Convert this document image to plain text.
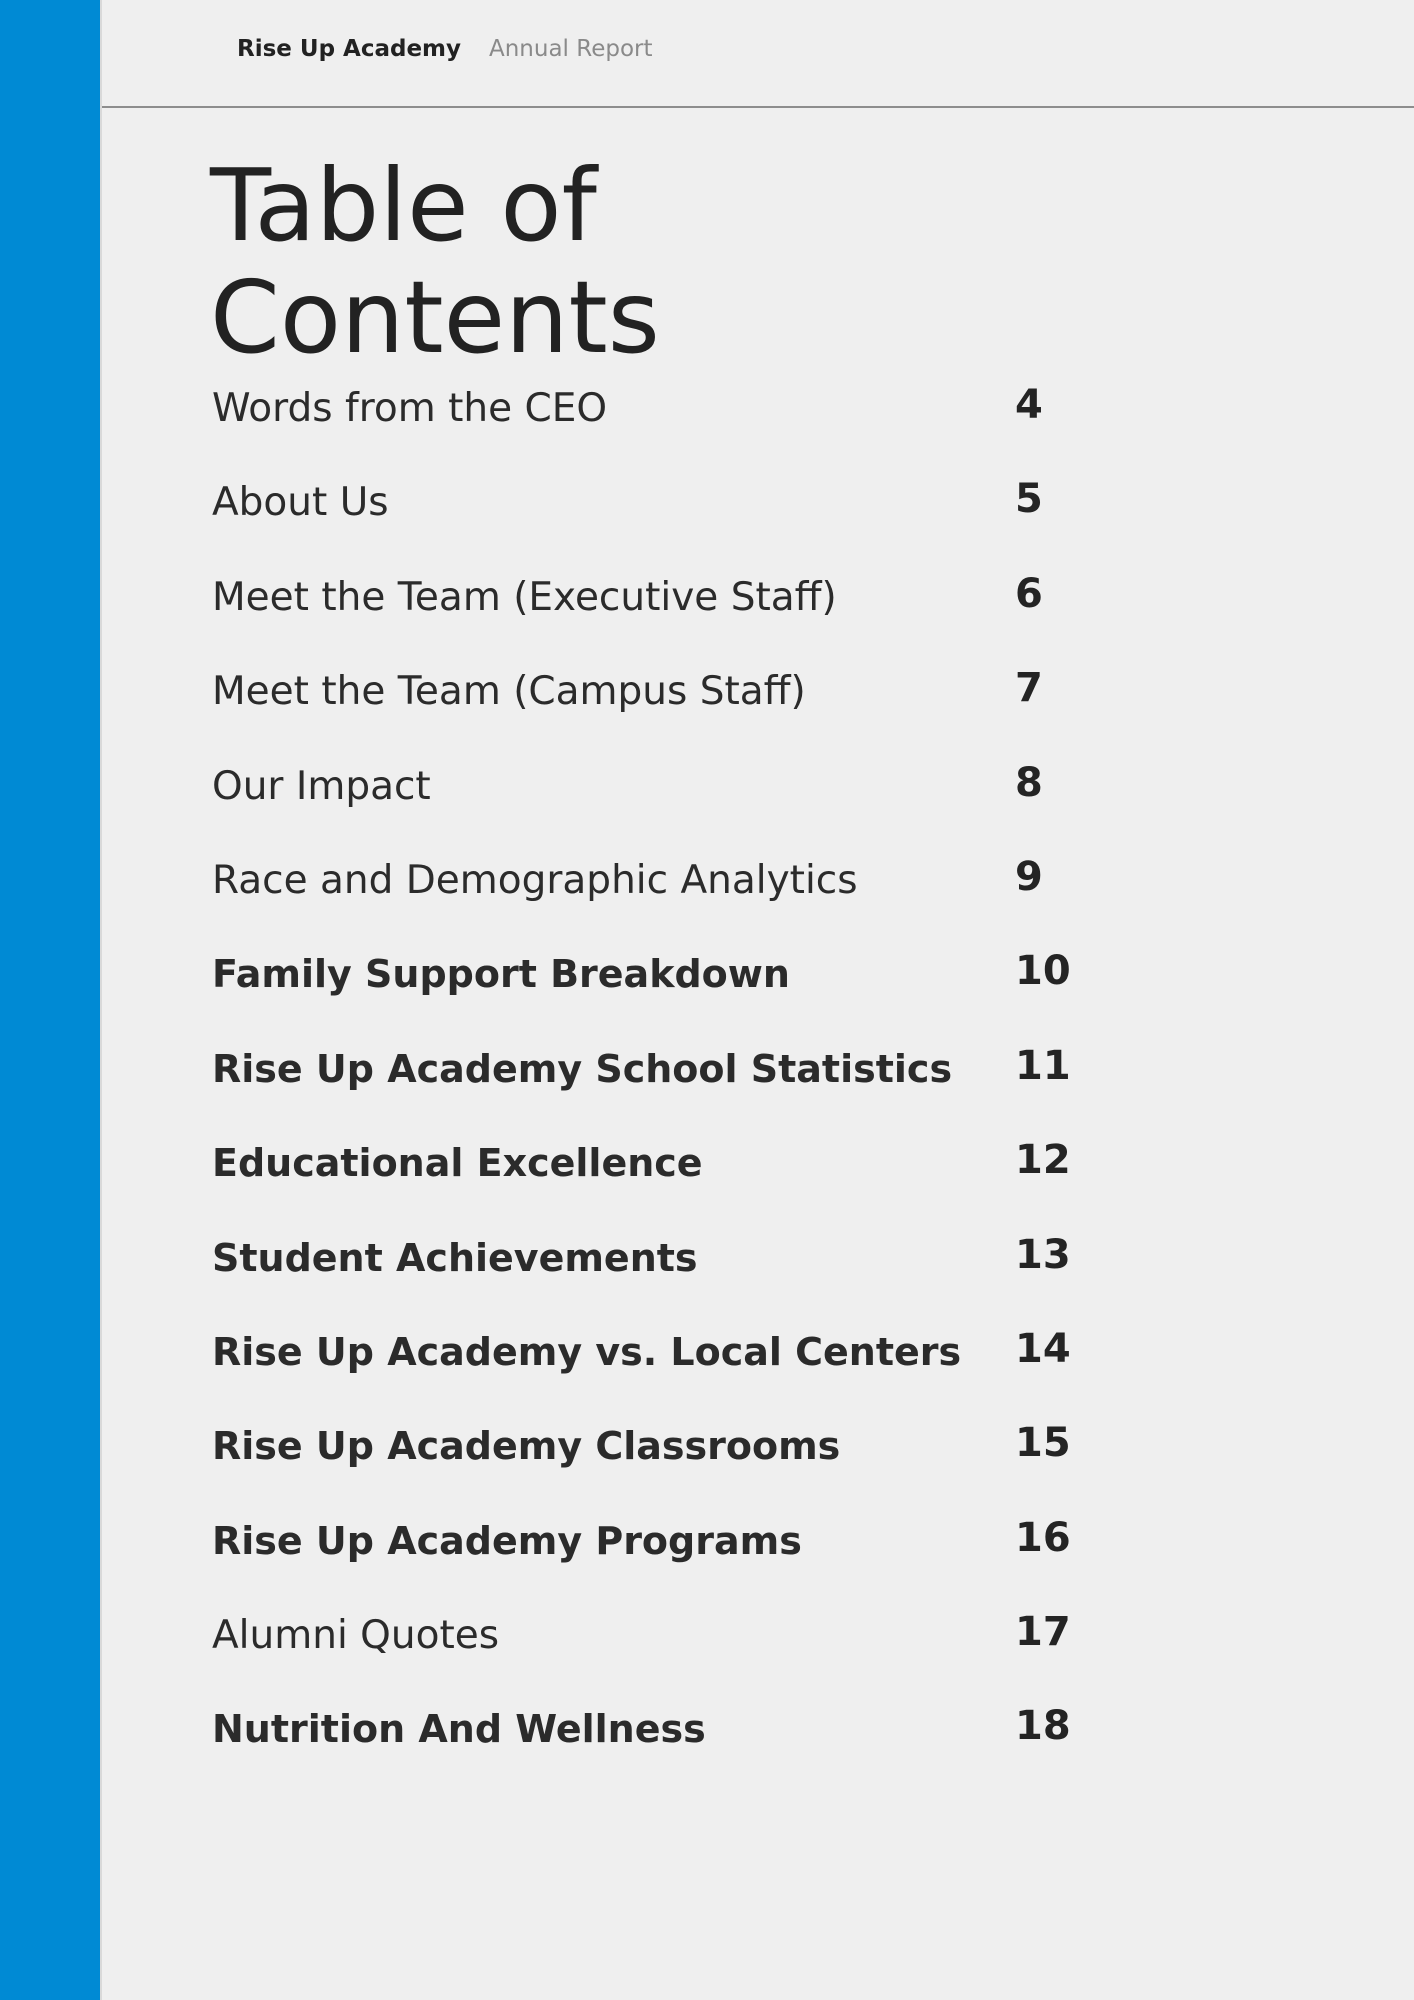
Rise Up Academy Annual Report
Table of Contents
Words from the CEO	4
About Us	5
Meet the Team (Executive Staff)	6
Meet the Team (Campus Staff)	7
Our Impact	8
Race and Demographic Analytics	9
Family Support Breakdown	10
Rise Up Academy School Statistics 11
Educational Excellence	12
Student Achievements	13
Rise Up Academy vs. Local Centers 14
Rise Up Academy Classrooms	15
Rise Up Academy Programs	16
Alumni Quotes	17
Nutrition And Wellness	18
